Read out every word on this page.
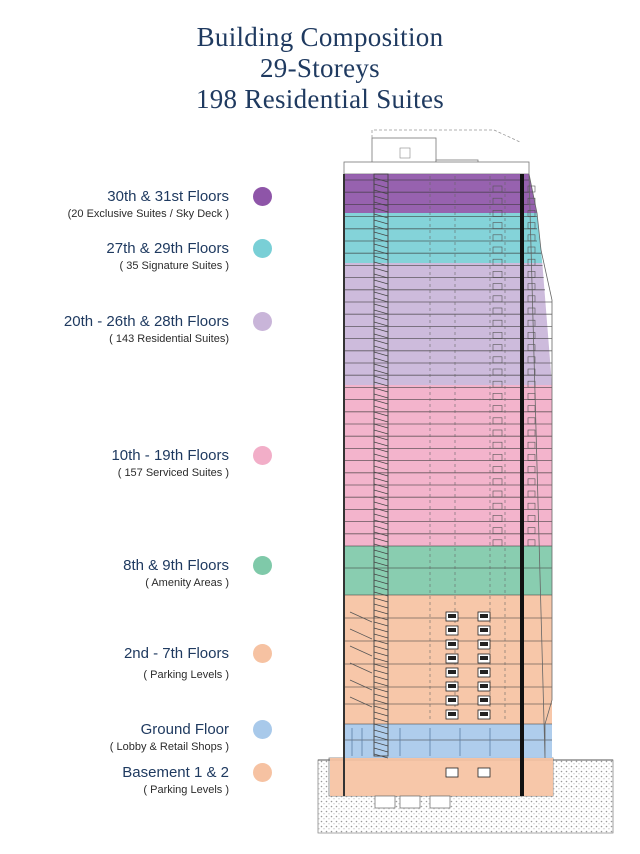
Building Composition
29-Storeys
198 Residential Suites
30th & 31st Floors
(20 Exclusive Suites / Sky Deck )
27th & 29th Floors
( 35 Signature Suites )
20th - 26th & 28th Floors
( 143 Residential Suites)
10th - 19th Floors
( 157 Serviced Suites )
8th & 9th Floors
( Amenity Areas )
2nd - 7th Floors
( Parking Levels )
Ground Floor
( Lobby & Retail Shops )
Basement 1 & 2
( Parking Levels )
